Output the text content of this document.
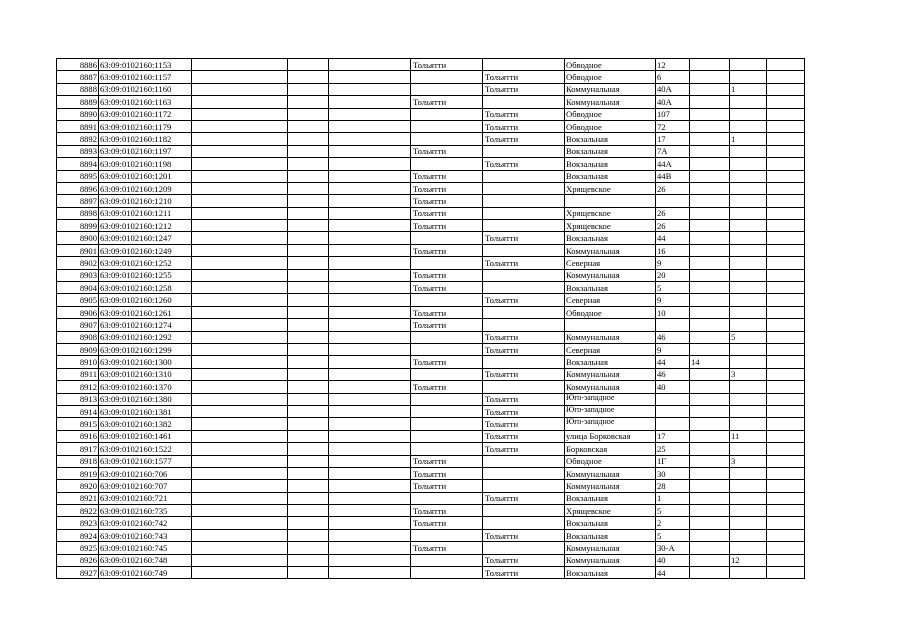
8886	63:09:0102160:1153				Тольятти		Обводное	12			
8887	63:09:0102160:1157					Тольятти	Обводное	6			
8888	63:09:0102160:1160					Тольятти	Коммунальная	40А		1	
8889	63:09:0102160:1163				Тольятти		Коммунальная	40А			
8890	63:09:0102160:1172					Тольятти	Обводное	107			
8891	63:09:0102160:1179					Тольятти	Обводное	72			
8892	63:09:0102160:1182					Тольятти	Вокзальная	17		1	
8893	63:09:0102160:1197				Тольятти		Вокзальная	7А			
8894	63:09:0102160:1198					Тольятти	Вокзальная	44А			
8895	63:09:0102160:1201				Тольятти		Вокзальная	44В			
8896	63:09:0102160:1209				Тольятти		Хрящевское	26			
8897	63:09:0102160:1210				Тольятти						
8898	63:09:0102160:1211				Тольятти		Хрящевское	26			
8899	63:09:0102160:1212				Тольятти		Хрящевское	26			
8900	63:09:0102160:1247					Тольятти	Вокзальная	44			
8901	63:09:0102160:1249				Тольятти		Коммунальная	16			
8902	63:09:0102160:1252					Тольятти	Северная	9			
8903	63:09:0102160:1255				Тольятти		Коммунальная	20			
8904	63:09:0102160:1258				Тольятти		Вокзальная	5			
8905	63:09:0102160:1260					Тольятти	Северная	9			
8906	63:09:0102160:1261				Тольятти		Обводное	10			
8907	63:09:0102160:1274				Тольятти						
8908	63:09:0102160:1292					Тольятти	Коммунальная	46		5	
8909	63:09:0102160:1299					Тольятти	Северная	9			
8910	63:09:0102160:1300				Тольятти		Вокзальная	44	14		
8911	63:09:0102160:1310					Тольятти	Коммунальная	46		3	
8912	63:09:0102160:1370				Тольятти		Коммунальная	40			
8913	63:09:0102160:1380					Тольятти	Юго-западное				
8914	63:09:0102160:1381					Тольятти	Юго-западное				
8915	63:09:0102160:1382					Тольятти	Юго-западное				
8916	63:09:0102160:1461					Тольятти	улица Борковская	17		11	
8917	63:09:0102160:1522					Тольятти	Борковская	25			
8918	63:09:0102160:1577				Тольятти		Обводное	1Г		3	
8919	63:09:0102160:706				Тольятти		Коммунальная	30			
8920	63:09:0102160:707				Тольятти		Коммунальная	28			
8921	63:09:0102160:721					Тольятти	Вокзальная	1			
8922	63:09:0102160:735				Тольятти		Хрящевское	5			
8923	63:09:0102160:742				Тольятти		Вокзальная	2			
8924	63:09:0102160:743					Тольятти	Вокзальная	5			
8925	63:09:0102160:745				Тольятти		Коммунальная	30-А			
8926	63:09:0102160:748					Тольятти	Коммунальная	40		12	
8927	63:09:0102160:749					Тольятти	Вокзальная	44			
